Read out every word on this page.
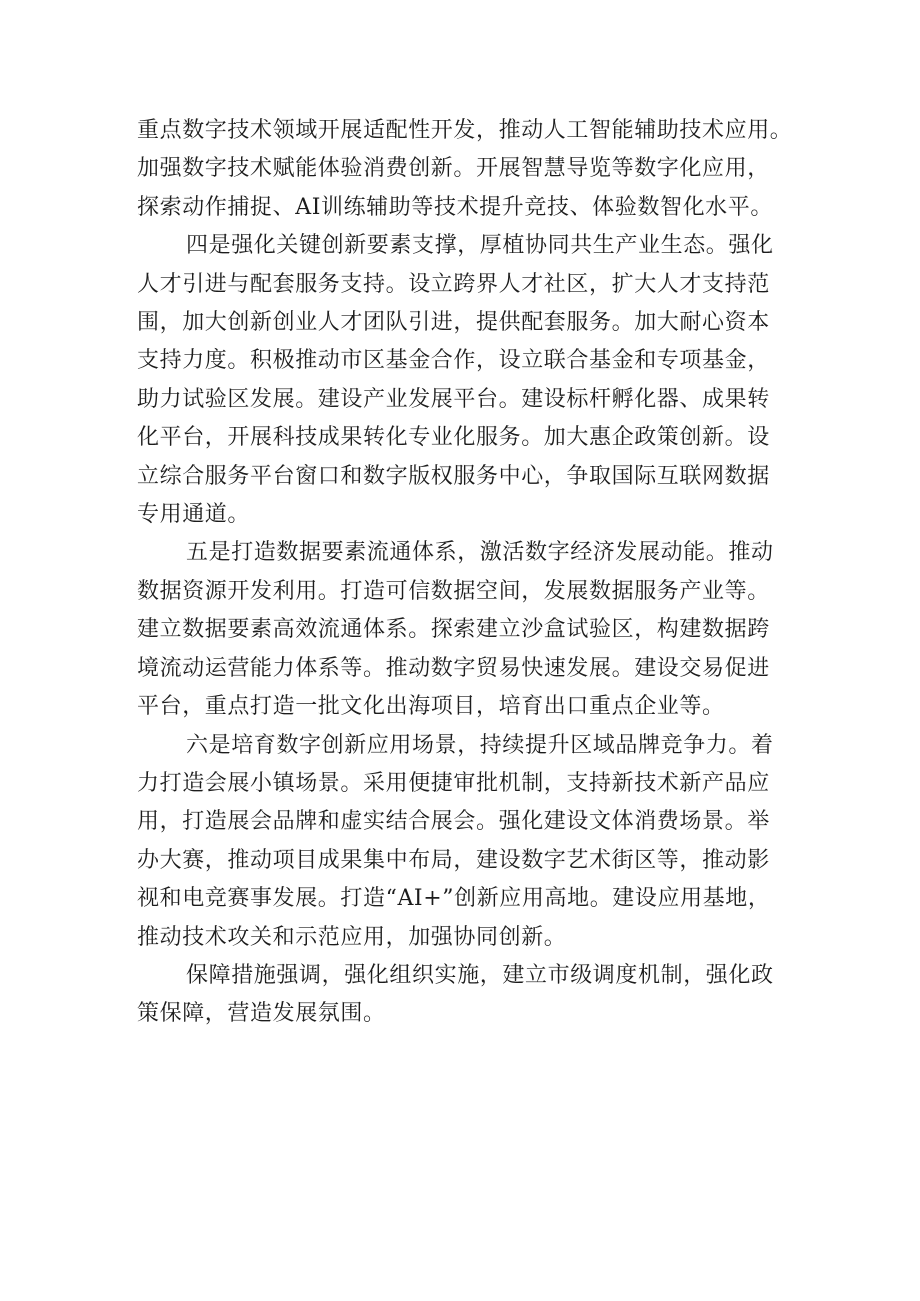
重点数字技术领域开展适配性开发，推动人工智能辅助技术应用。
加强数字技术赋能体验消费创新。开展智慧导览等数字化应用，
探索动作捕捉、AI训练辅助等技术提升竞技、体验数智化水平。
四是强化关键创新要素支撑，厚植协同共生产业生态。强化
人才引进与配套服务支持。设立跨界人才社区，扩大人才支持范
围，加大创新创业人才团队引进，提供配套服务。加大耐心资本
支持力度。积极推动市区基金合作，设立联合基金和专项基金，
助力试验区发展。建设产业发展平台。建设标杆孵化器、成果转
化平台，开展科技成果转化专业化服务。加大惠企政策创新。设
立综合服务平台窗口和数字版权服务中心，争取国际互联网数据
专用通道。
五是打造数据要素流通体系，激活数字经济发展动能。推动
数据资源开发利用。打造可信数据空间，发展数据服务产业等。
建立数据要素高效流通体系。探索建立沙盒试验区，构建数据跨
境流动运营能力体系等。推动数字贸易快速发展。建设交易促进
平台，重点打造一批文化出海项目，培育出口重点企业等。
六是培育数字创新应用场景，持续提升区域品牌竞争力。着
力打造会展小镇场景。采用便捷审批机制，支持新技术新产品应
用，打造展会品牌和虚实结合展会。强化建设文体消费场景。举
办大赛，推动项目成果集中布局，建设数字艺术街区等，推动影
视和电竞赛事发展。打造“AI+”创新应用高地。建设应用基地，
推动技术攻关和示范应用，加强协同创新。
保障措施强调，强化组织实施，建立市级调度机制，强化政
策保障，营造发展氛围。
